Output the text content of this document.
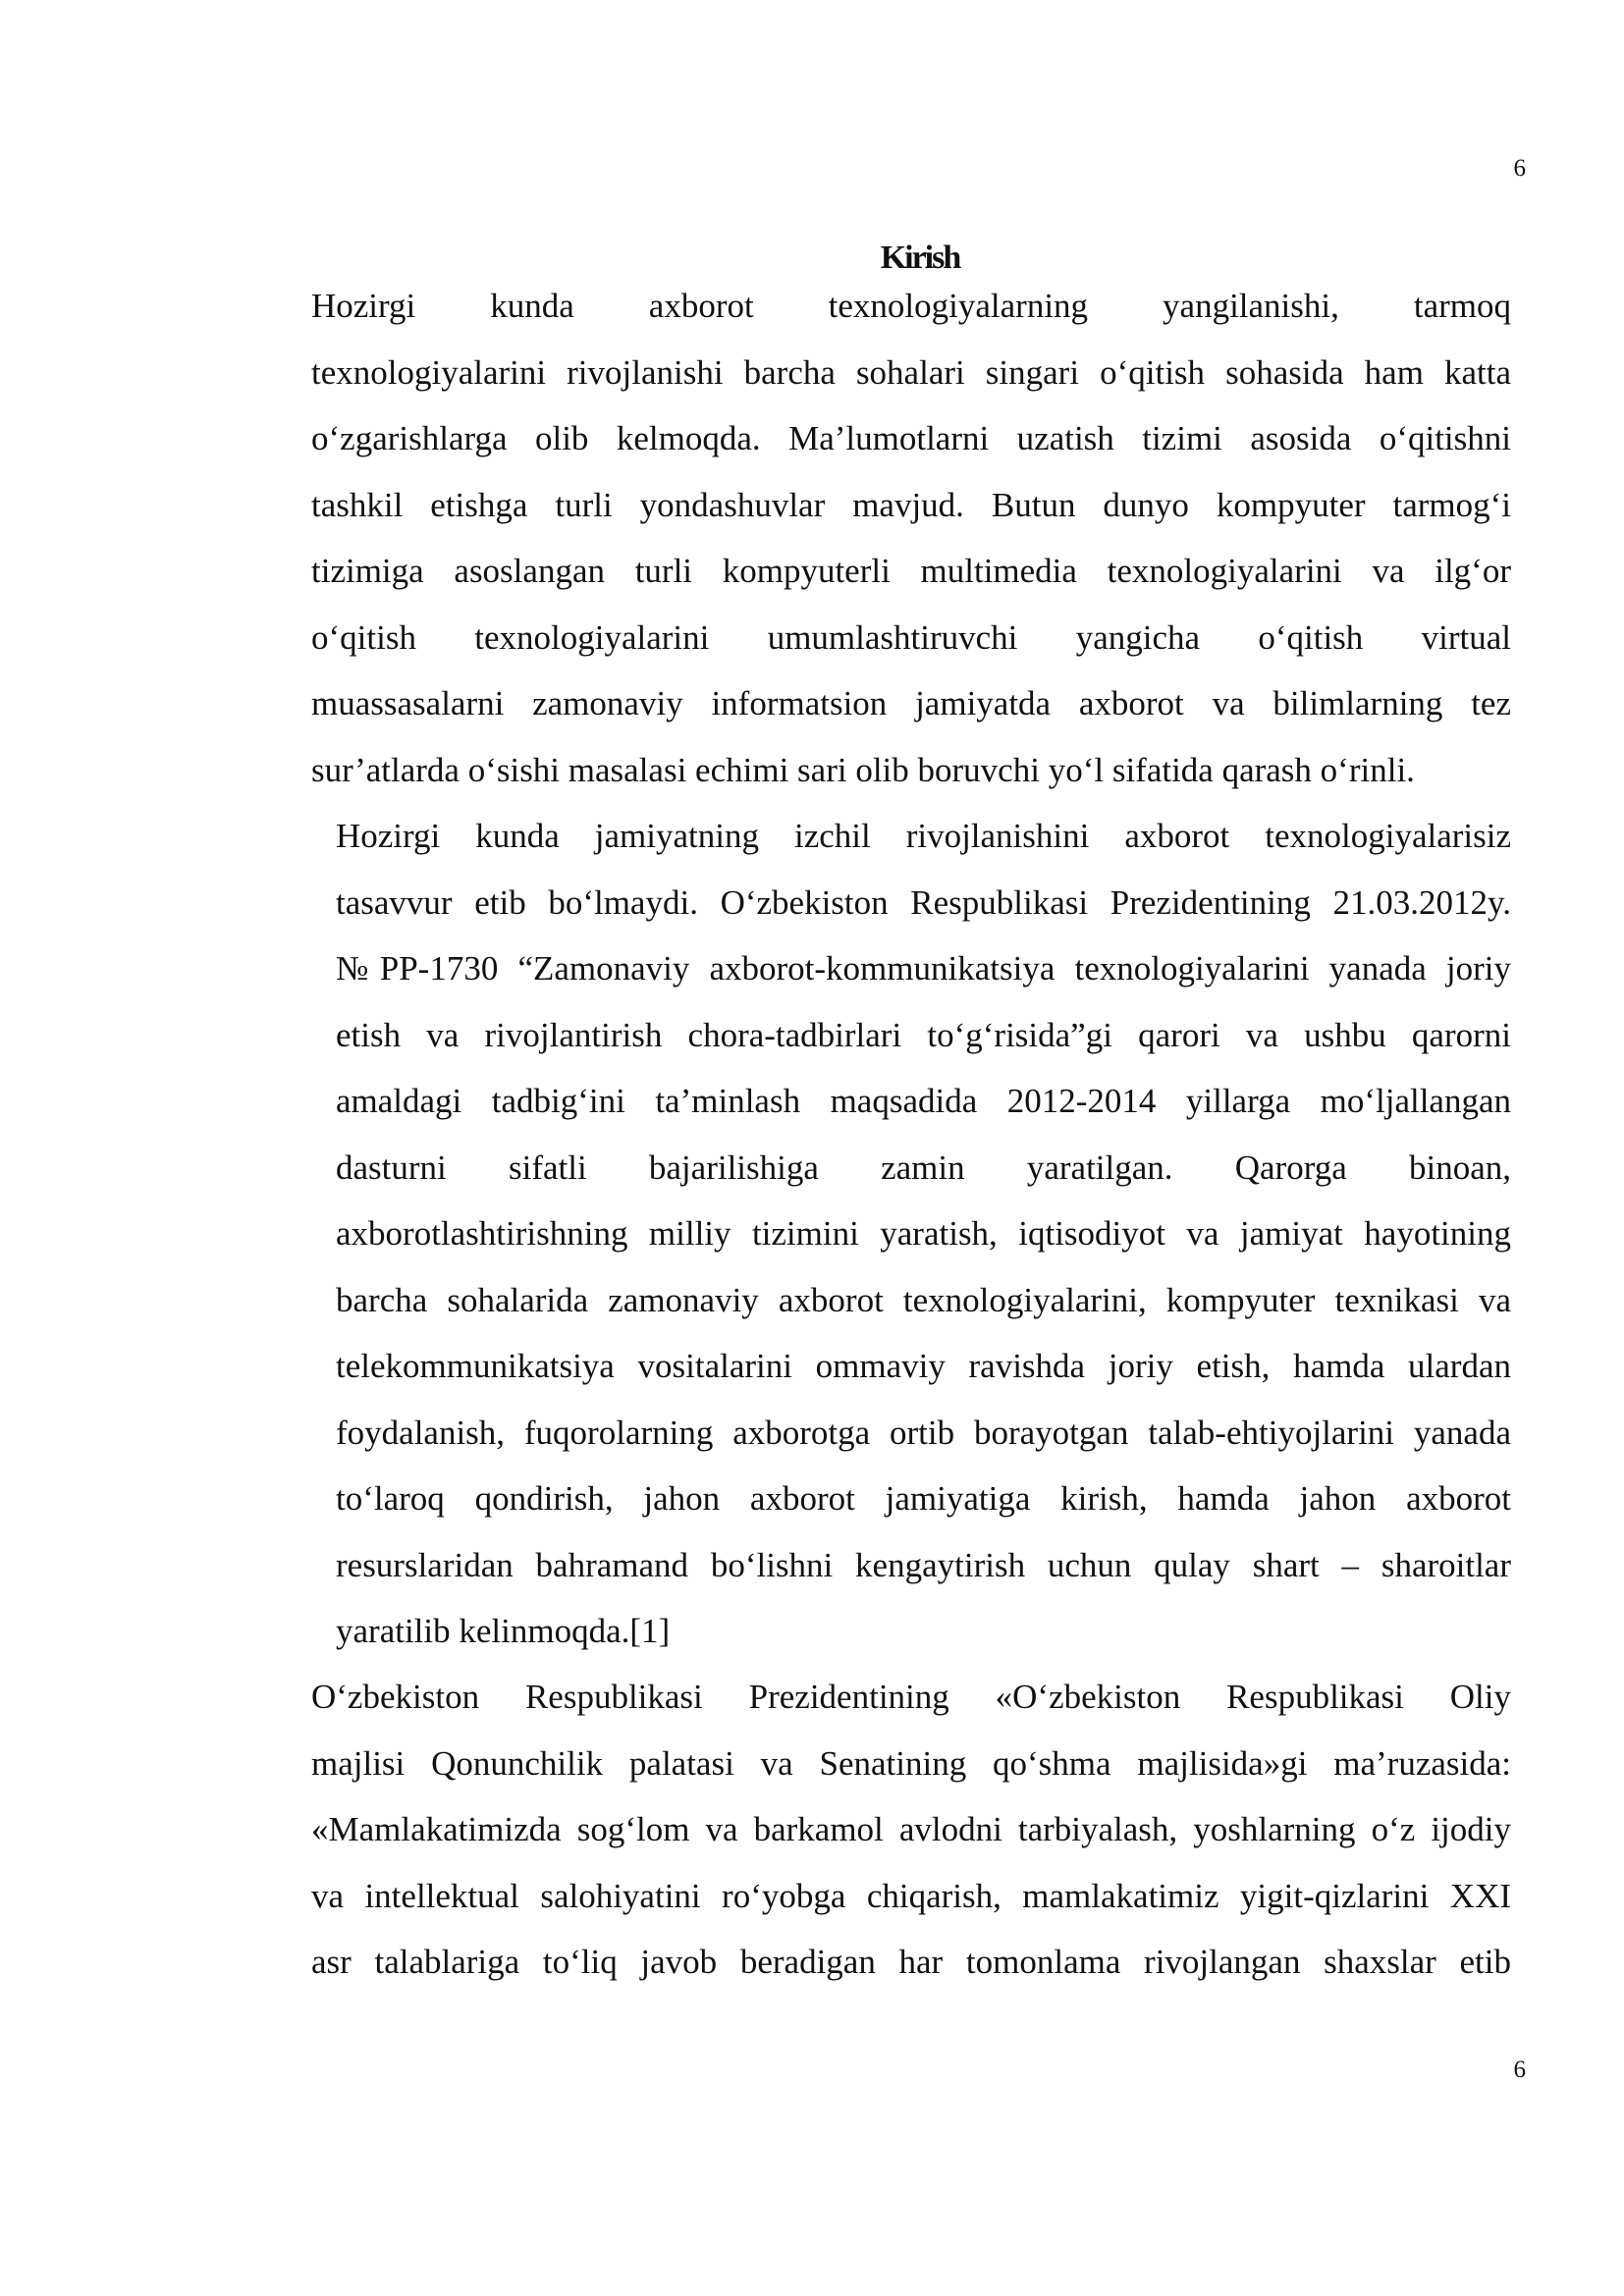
6
Kirish

Hozirgi kunda axborot texnologiyalarning yangilanishi, tarmoq
texnologiyalarini rivojlanishi barcha sohalari singari o‘qitish sohasida ham katta
o‘zgarishlarga olib kelmoqda. Ma’lumotlarni uzatish tizimi asosida o‘qitishni
tashkil etishga turli yondashuvlar mavjud. Butun dunyo kompyuter tarmog‘i
tizimiga asoslangan turli kompyuterli multimedia texnologiyalarini va ilg‘or
o‘qitish texnologiyalarini umumlashtiruvchi yangicha o‘qitish virtual
muassasalarni zamonaviy informatsion jamiyatda axborot va bilimlarning tez
sur’atlarda o‘sishi masalasi echimi sari olib boruvchi yo‘l sifatida qarash o‘rinli.

Hozirgi kunda jamiyatning izchil rivojlanishini axborot texnologiyalarisiz
tasavvur etib bo‘lmaydi. O‘zbekiston Respublikasi Prezidentining 21.03.2012y.
№PP-1730 “Zamonaviy axborot-kommunikatsiya texnologiyalarini yanada joriy
etish va rivojlantirish chora-tadbirlari to‘g‘risida”gi qarori va ushbu qarorni
amaldagi tadbig‘ini ta’minlash maqsadida 2012-2014 yillarga mo‘ljallangan
dasturni sifatli bajarilishiga zamin yaratilgan. Qarorga binoan,
axborotlashtirishning milliy tizimini yaratish, iqtisodiyot va jamiyat hayotining
barcha sohalarida zamonaviy axborot texnologiyalarini, kompyuter texnikasi va
telekommunikatsiya vositalarini ommaviy ravishda joriy etish, hamda ulardan
foydalanish, fuqorolarning axborotga ortib borayotgan talab-ehtiyojlarini yanada
to‘laroq qondirish, jahon axborot jamiyatiga kirish, hamda jahon axborot
resurslaridan bahramand bo‘lishni kengaytirish uchun qulay shart – sharoitlar
yaratilib kelinmoqda.[1]

O‘zbekiston Respublikasi Prezidentining «O‘zbekiston Respublikasi Oliy
majlisi Qonunchilik palatasi va Senatining qo‘shma majlisida»gi ma’ruzasida:
«Mamlakatimizda sog‘lom va barkamol avlodni tarbiyalash, yoshlarning o‘z ijodiy
va intellektual salohiyatini ro‘yobga chiqarish, mamlakatimiz yigit-qizlarini XXI
asr talablariga to‘liq javob beradigan har tomonlama rivojlangan shaxslar etib

6
